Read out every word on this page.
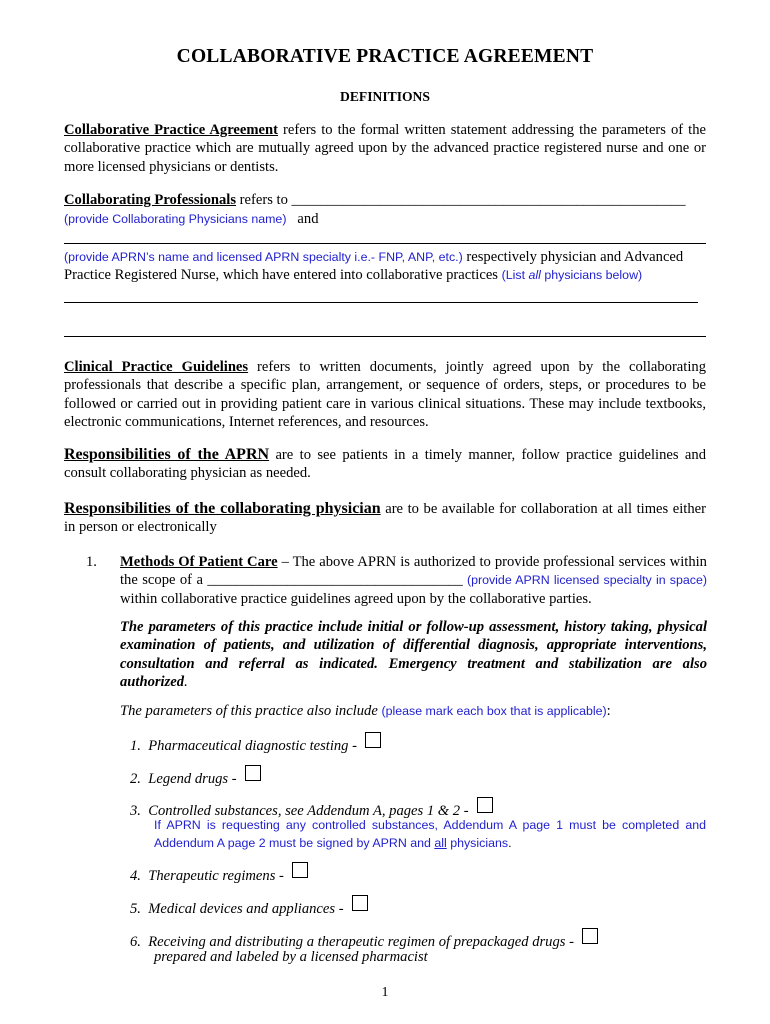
COLLABORATIVE PRACTICE AGREEMENT
DEFINITIONS
Collaborative Practice Agreement refers to the formal written statement addressing the parameters of the collaborative practice which are mutually agreed upon by the advanced practice registered nurse and one or more licensed physicians or dentists.
Collaborating Professionals refers to ______________________________________________________
(provide Collaborating Physicians name) and
(provide APRN’s name and licensed APRN specialty i.e.- FNP, ANP, etc.) respectively physician and Advanced
Practice Registered Nurse, which have entered into collaborative practices (List all physicians below)
Clinical Practice Guidelines refers to written documents, jointly agreed upon by the collaborating professionals that describe a specific plan, arrangement, or sequence of orders, steps, or procedures to be followed or carried out in providing patient care in various clinical situations. These may include textbooks, electronic communications, Internet references, and resources.
Responsibilities of the APRN are to see patients in a timely manner, follow practice guidelines and consult collaborating physician as needed.
Responsibilities of the collaborating physician are to be available for collaboration at all times either in person or electronically
1. Methods Of Patient Care – The above APRN is authorized to provide professional services within the scope of a ___________________________________ (provide APRN licensed specialty in space) within collaborative practice guidelines agreed upon by the collaborative parties.
The parameters of this practice include initial or follow-up assessment, history taking, physical examination of patients, and utilization of differential diagnosis, appropriate interventions, consultation and referral as indicated. Emergency treatment and stabilization are also authorized.
The parameters of this practice also include (please mark each box that is applicable):
1. Pharmaceutical diagnostic testing -
2. Legend drugs -
3. Controlled substances, see Addendum A, pages 1 & 2 -
If APRN is requesting any controlled substances, Addendum A page 1 must be completed and Addendum A page 2 must be signed by APRN and all physicians.
4. Therapeutic regimens -
5. Medical devices and appliances -
6. Receiving and distributing a therapeutic regimen of prepackaged drugs -
prepared and labeled by a licensed pharmacist
1
